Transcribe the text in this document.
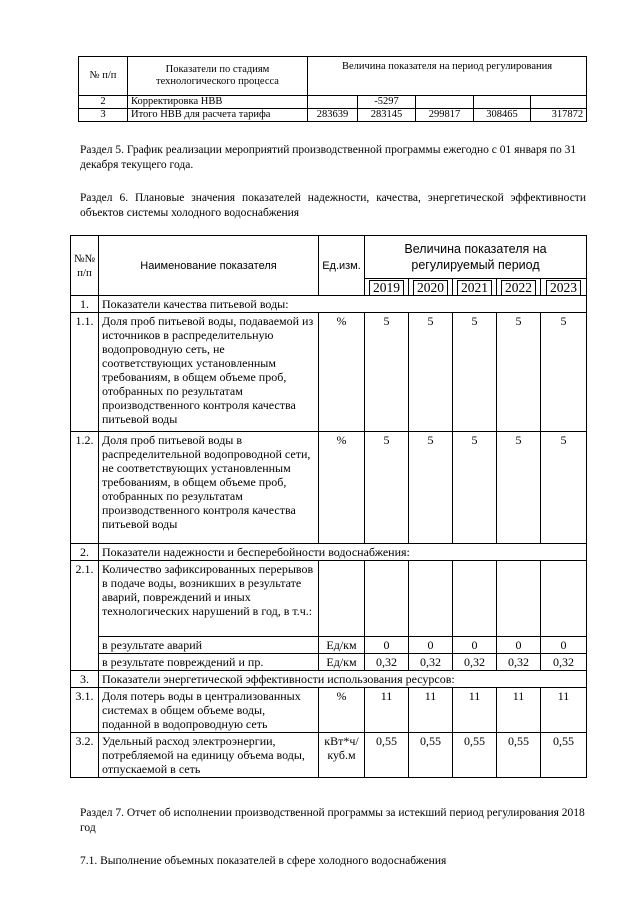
№ п/п	Показатели по стадиям технологического процесса	Величина показателя на период регулирования				
2	Корректировка НВВ		-5297			
3	Итого НВВ для расчета тарифа	283639	283145	299817	308465	317872
Раздел 5. График реализации мероприятий производственной программы ежегодно с 01 января по 31 декабря текущего года.
Раздел 6. Плановые значения показателей надежности, качества, энергетической эффективности объектов системы холодного водоснабжения
№№ п/п	Наименование показателя	Ед.изм.	Величина показателя на регулируемый период				
			2019	2020	2021	2022	2023
1.	Показатели качества питьевой воды:						
1.1.	Доля проб питьевой воды, подаваемой из источников в распределительную водопроводную сеть, не соответствующих установленным требованиям, в общем объеме проб, отобранных по результатам производственного контроля качества питьевой воды	%	5	5	5	5	5
1.2.	Доля проб питьевой воды в распределительной водопроводной сети, не соответствующих установленным требованиям, в общем объеме проб, отобранных по результатам производственного контроля качества питьевой воды	%	5	5	5	5	5
2.	Показатели надежности и бесперебойности водоснабжения:						
2.1.	Количество зафиксированных перерывов в подаче воды, возникших в результате аварий, повреждений и иных технологических нарушений в год, в т.ч.:						
	в результате аварий	Ед/км	0	0	0	0	0
	в результате повреждений и пр.	Ед/км	0,32	0,32	0,32	0,32	0,32
3.	Показатели энергетической эффективности использования ресурсов:						
3.1.	Доля потерь воды в централизованных системах в общем объеме воды, поданной в водопроводную сеть	%	11	11	11	11	11
3.2.	Удельный расход электроэнергии, потребляемой на единицу объема воды, отпускаемой в сеть	кВт*ч/куб.м	0,55	0,55	0,55	0,55	0,55
Раздел 7. Отчет об исполнении производственной программы за истекший период регулирования 2018 год
7.1. Выполнение объемных показателей в сфере холодного водоснабжения
